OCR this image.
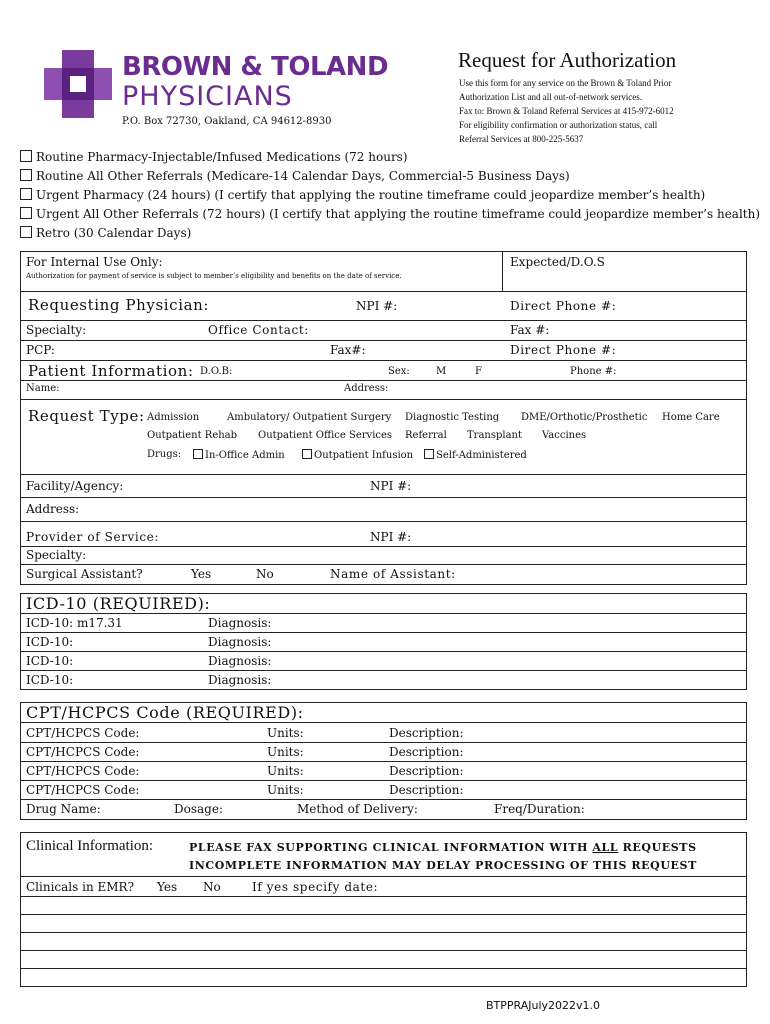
BROWN & TOLAND
PHYSICIANS
P.O. Box 72730, Oakland, CA 94612-8930
Request for Authorization
Use this form for any service on the Brown & Toland Prior
Authorization List and all out-of-network services.
Fax to: Brown & Toland Referral Services at 415-972-6012
For eligibility confirmation or authorization status, call
Referral Services at 800-225-5637
Routine Pharmacy-Injectable/Infused Medications (72 hours)
Routine All Other Referrals (Medicare-14 Calendar Days, Commercial-5 Business Days)
Urgent Pharmacy (24 hours) (I certify that applying the routine timeframe could jeopardize member’s health)
Urgent All Other Referrals (72 hours) (I certify that applying the routine timeframe could jeopardize member’s health)
Retro (30 Calendar Days)
For Internal Use Only:
Authorization for payment of service is subject to member’s eligibility and benefits on the date of service.
Expected/D.O.S
Requesting Physician:	NPI #:	Direct Phone #:
Specialty:	Office Contact:	Fax #:
PCP:	Fax#:	Direct Phone #:
Patient Information: D.O.B:	Sex:	M	F	Phone #:
Name:	Address:
Request Type: Admission	Ambulatory/ Outpatient Surgery Diagnostic Testing DME/Orthotic/Prosthetic Home Care
Outpatient Rehab Outpatient Office Services Referral Transplant Vaccines
Drugs:	In-Office Admin	Outpatient Infusion	Self-Administered
Facility/Agency:	NPI #:
Address:
Provider of Service:	NPI #:
Specialty:
Surgical Assistant?	Yes	No	Name of Assistant:
ICD-10 (REQUIRED):
ICD-10: m17.31	Diagnosis:
ICD-10:	Diagnosis:
ICD-10:	Diagnosis:
ICD-10:	Diagnosis:
CPT/HCPCS Code (REQUIRED):
CPT/HCPCS Code:	Units:	Description:
CPT/HCPCS Code:	Units:	Description:
CPT/HCPCS Code:	Units:	Description:
CPT/HCPCS Code:	Units:	Description:
Drug Name:	Dosage:	Method of Delivery:	Freq/Duration:
Clinical Information:	PLEASE FAX SUPPORTING CLINICAL INFORMATION WITH ALL REQUESTS
INCOMPLETE INFORMATION MAY DELAY PROCESSING OF THIS REQUEST
Clinicals in EMR? Yes No	If yes specify date:
BTPPRAJuly2022v1.0
